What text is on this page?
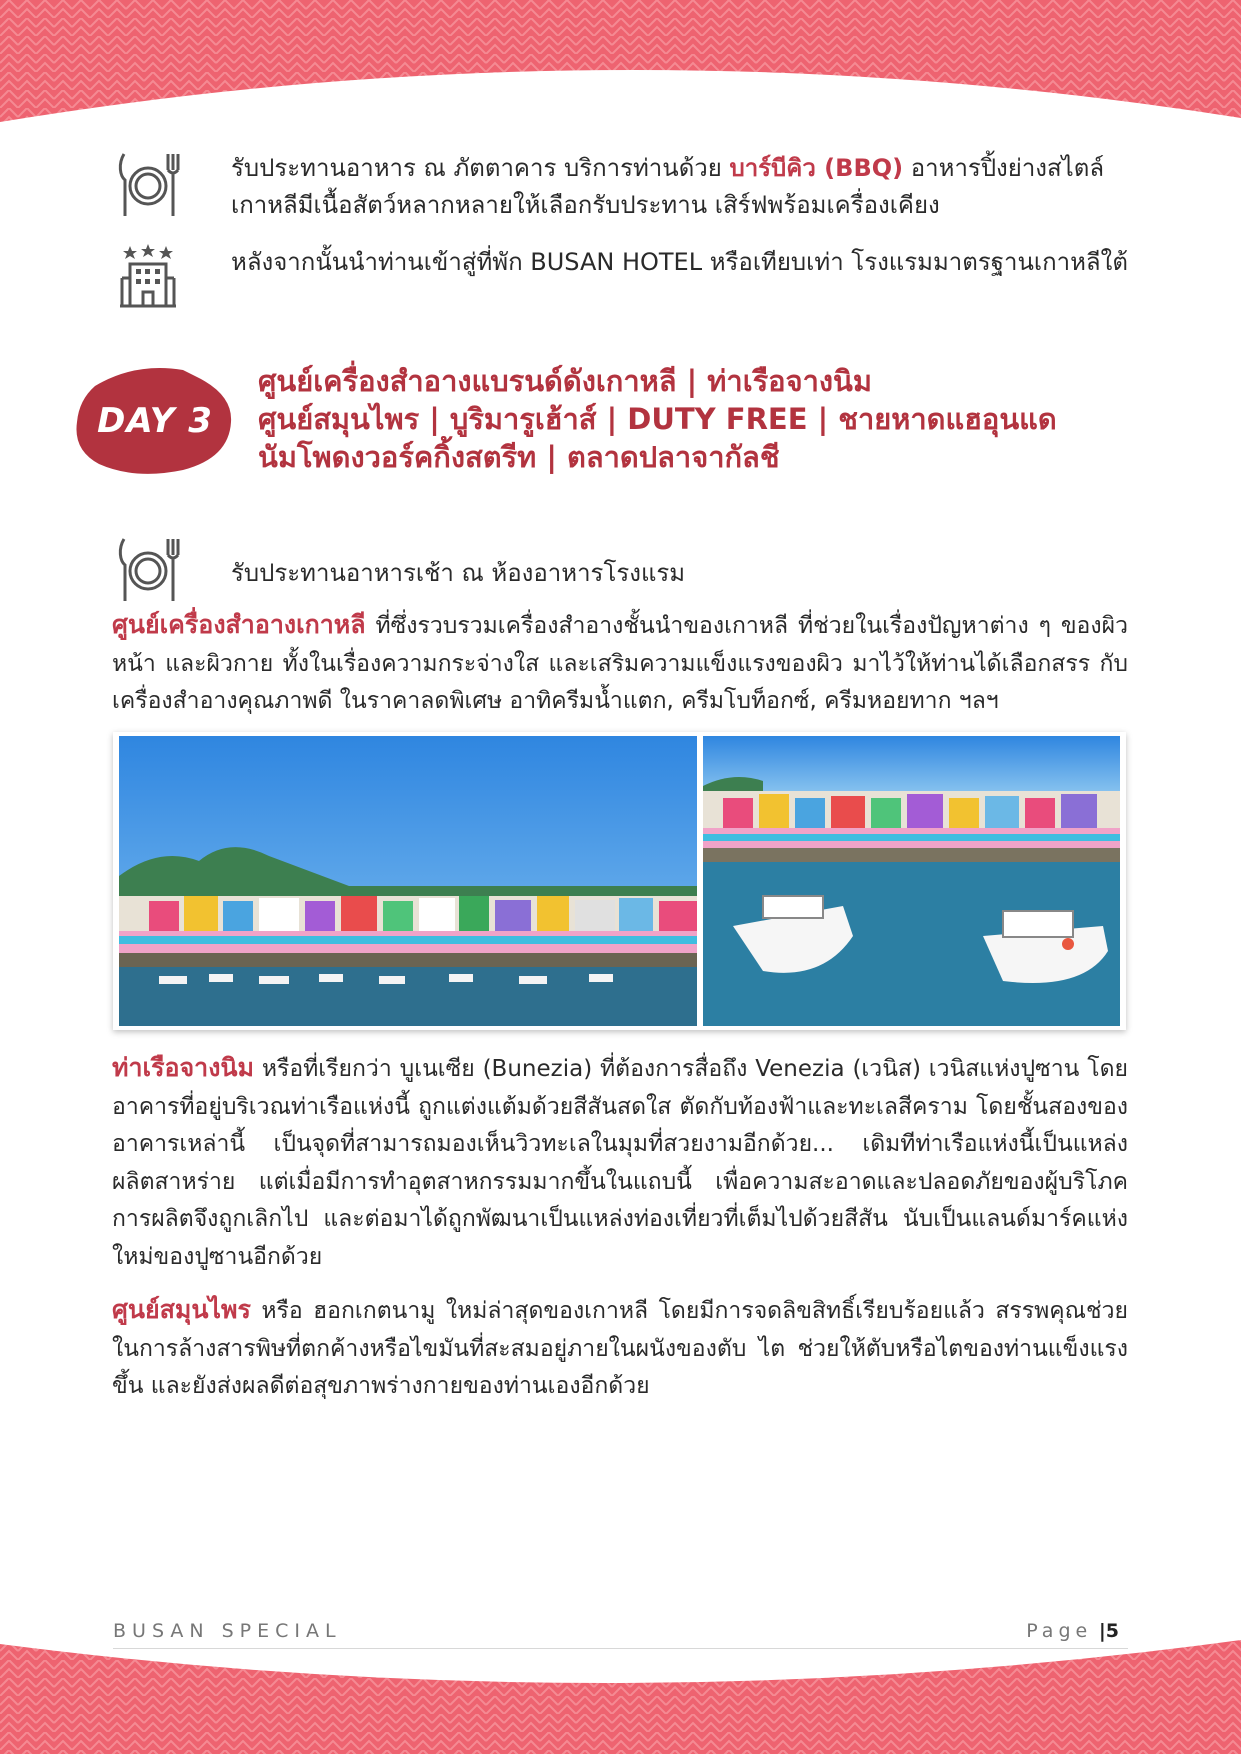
รับประทานอาหาร ณ ภัตตาคาร บริการท่านด้วย บาร์บีคิว (BBQ) อาหารปิ้งย่างสไตล์
เกาหลีมีเนื้อสัตว์หลากหลายให้เลือกรับประทาน เสิร์ฟพร้อมเครื่องเคียง
หลังจากนั้นนำท่านเข้าสู่ที่พัก BUSAN HOTEL หรือเทียบเท่า โรงแรมมาตรฐานเกาหลีใต้
DAY 3
ศูนย์เครื่องสำอางแบรนด์ดังเกาหลี | ท่าเรือจางนิม
ศูนย์สมุนไพร | บูริมารูเฮ้าส์ | DUTY FREE | ชายหาดแฮอุนแด
นัมโพดงวอร์คกิ้งสตรีท | ตลาดปลาจากัลชี
รับประทานอาหารเช้า ณ ห้องอาหารโรงแรม
ศูนย์เครื่องสำอางเกาหลี ที่ซึ่งรวบรวมเครื่องสำอางชั้นนำของเกาหลี ที่ช่วยในเรื่องปัญหาต่าง ๆ ของผิวหน้า และผิวกาย ทั้งในเรื่องความกระจ่างใส และเสริมความแข็งแรงของผิว มาไว้ให้ท่านได้เลือกสรร กับเครื่องสำอางคุณภาพดี ในราคาลดพิเศษ อาทิครีมน้ำแตก, ครีมโบท็อกซ์, ครีมหอยทาก ฯลฯ
ท่าเรือจางนิม หรือที่เรียกว่า บูเนเซีย (Bunezia) ที่ต้องการสื่อถึง Venezia (เวนิส) เวนิสแห่งปูซาน โดยอาคารที่อยู่บริเวณท่าเรือแห่งนี้ ถูกแต่งแต้มด้วยสีสันสดใส ตัดกับท้องฟ้าและทะเลสีคราม โดยชั้นสองของอาคารเหล่านี้ เป็นจุดที่สามารถมองเห็นวิวทะเลในมุมที่สวยงามอีกด้วย... เดิมทีท่าเรือแห่งนี้เป็นแหล่งผลิตสาหร่าย แต่เมื่อมีการทำอุตสาหกรรมมากขึ้นในแถบนี้ เพื่อความสะอาดและปลอดภัยของผู้บริโภคการผลิตจึงถูกเลิกไป และต่อมาได้ถูกพัฒนาเป็นแหล่งท่องเที่ยวที่เต็มไปด้วยสีสัน นับเป็นแลนด์มาร์คแห่งใหม่ของปูซานอีกด้วย
ศูนย์สมุนไพร หรือ ฮอกเกตนามู ใหม่ล่าสุดของเกาหลี โดยมีการจดลิขสิทธิ์เรียบร้อยแล้ว สรรพคุณช่วยในการล้างสารพิษที่ตกค้างหรือไขมันที่สะสมอยู่ภายในผนังของตับ ไต ช่วยให้ตับหรือไตของท่านแข็งแรงขึ้น และยังส่งผลดีต่อสุขภาพร่างกายของท่านเองอีกด้วย
BUSAN SPECIAL	Page |5
